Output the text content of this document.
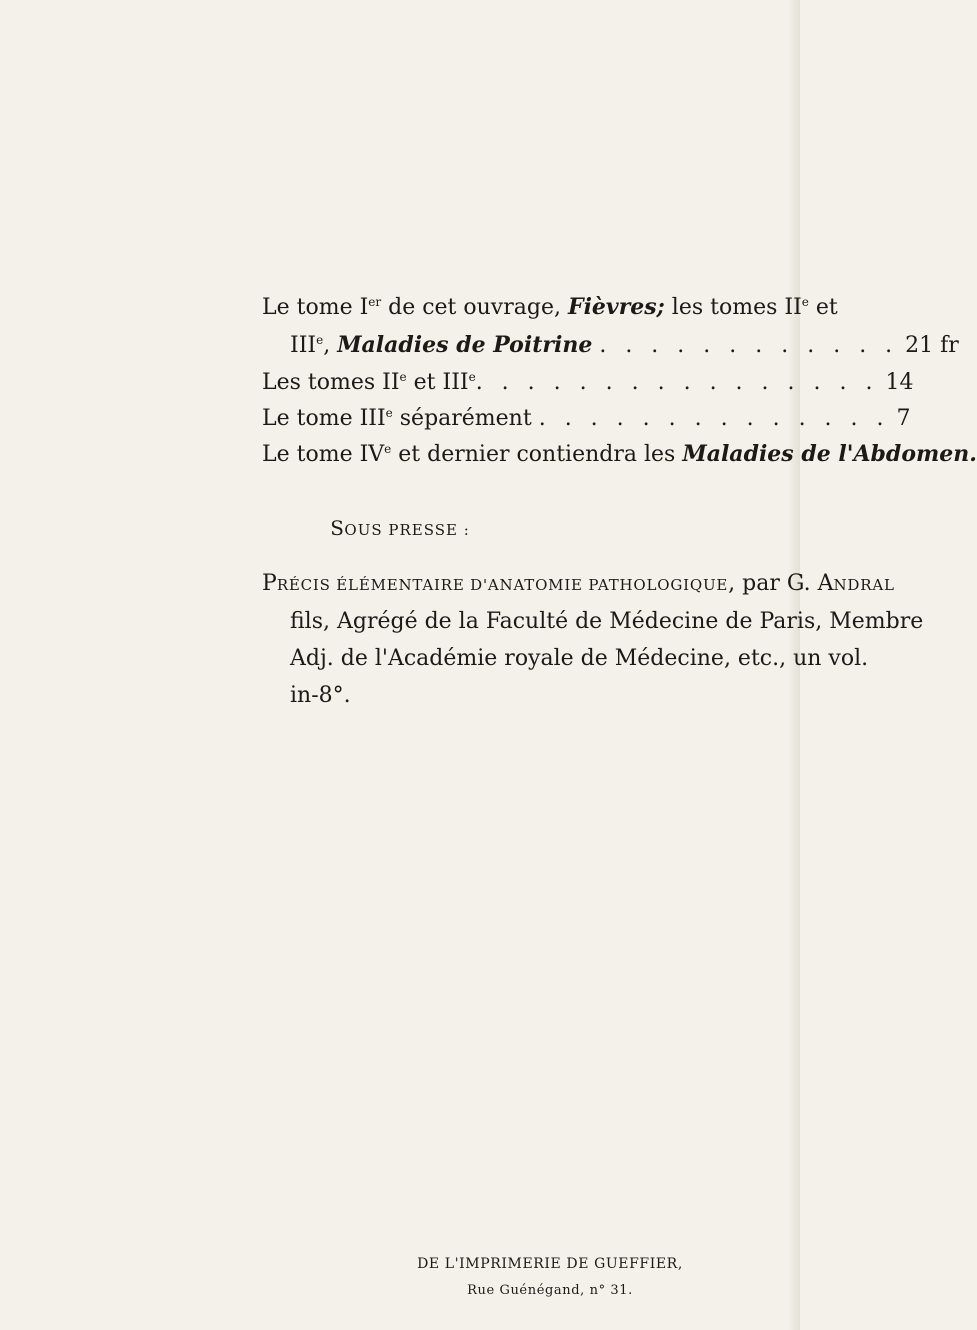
Le tome Ier de cet ouvrage, Fièvres; les tomes IIe et
IIIe, Maladies de Poitrine . . . . . . . . . . . . 21 fr
Les tomes IIe et IIIe. . . . . . . . . . . . . . . . 14
Le tome IIIe séparément . . . . . . . . . . . . . . 7
Le tome IVe et dernier contiendra les Maladies de l'Abdomen.
SOUS PRESSE :
PRÉCIS ÉLÉMENTAIRE D'ANATOMIE PATHOLOGIQUE, par G. ANDRAL
fils, Agrégé de la Faculté de Médecine de Paris, Membre
Adj. de l'Académie royale de Médecine, etc., un vol.
in-8°.
DE L'IMPRIMERIE DE GUEFFIER,
Rue Guénégand, n° 31.
